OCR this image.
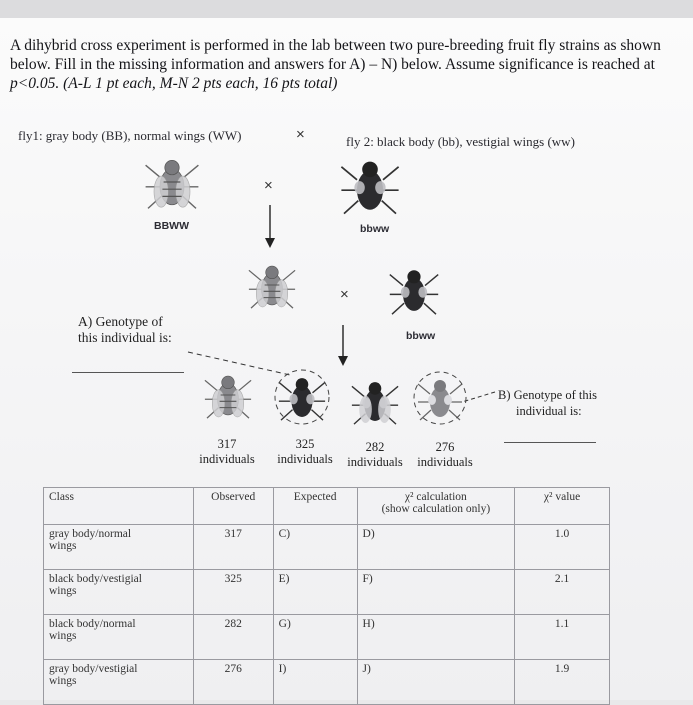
A dihybrid cross experiment is performed in the lab between two pure-breeding fruit fly strains as shown
below. Fill in the missing information and answers for A) – N) below. Assume significance is reached at
p<0.05. (A-L 1 pt each, M-N 2 pts each, 16 pts total)
fly1: gray body (BB), normal wings (WW)	×	fly 2: black body (bb), vestigial wings (ww)
BBWW	bbww
×
×
bbww
A) Genotype of
this individual is:
B) Genotype of this
individual is:
317
individuals
325
individuals
282
individuals
276
individuals
Class	Observed	Expected	χ² calculation
(show calculation only)	χ² value

gray body/normal
wings	317	C)	D)	1.0

black body/vestigial
wings	325	E)	F)	2.1

black body/normal
wings	282	G)	H)	1.1

gray body/vestigial
wings	276	I)	J)	1.9
